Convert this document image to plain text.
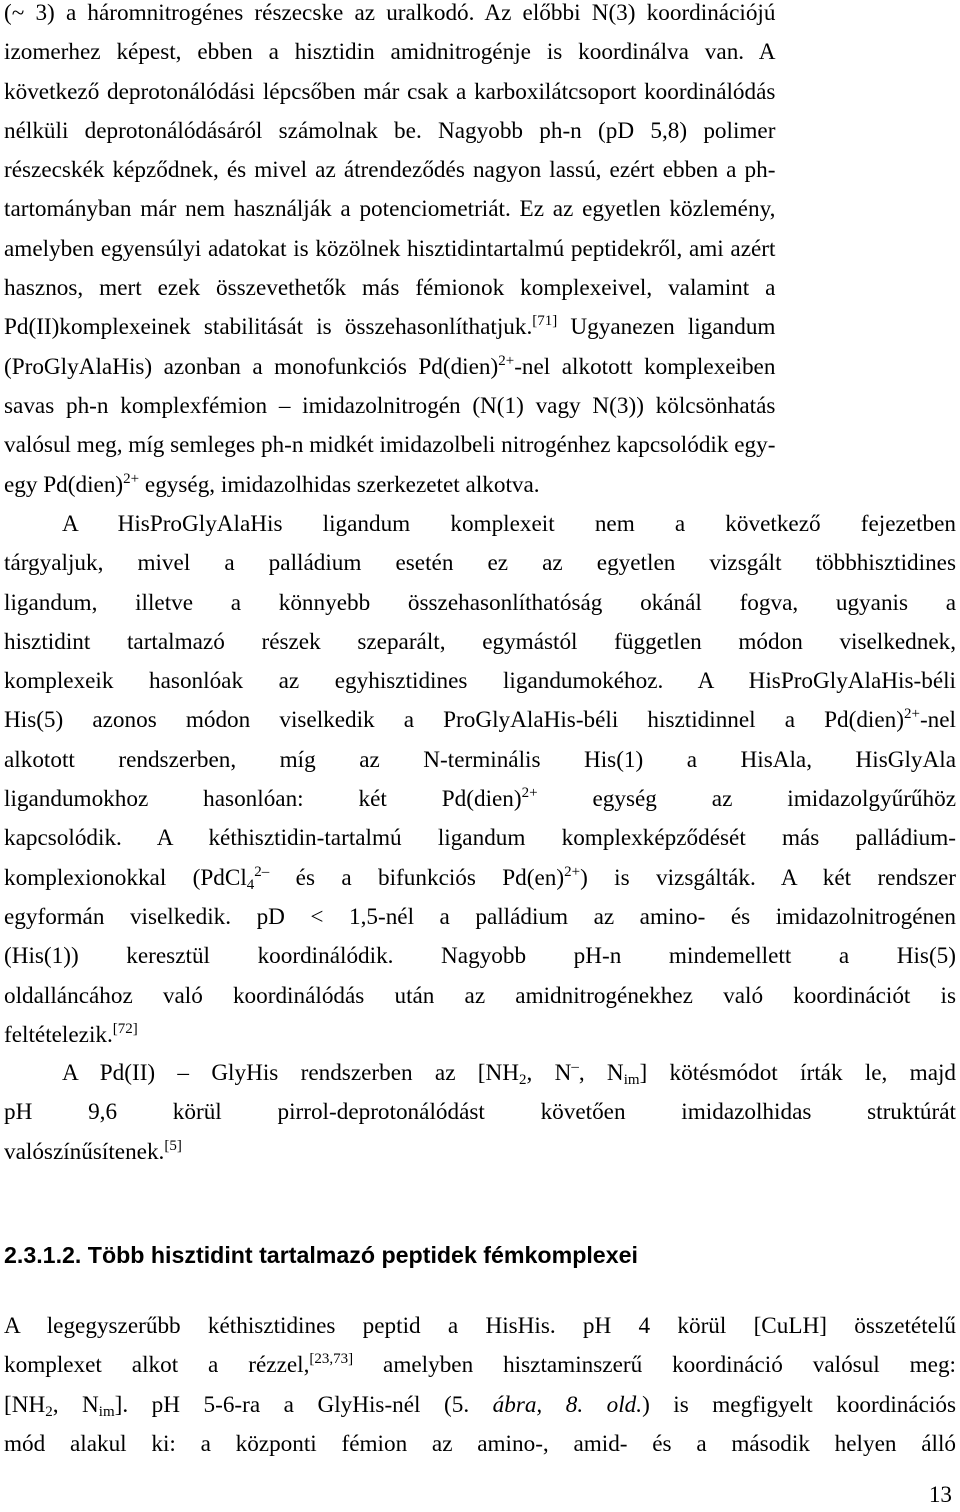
(~ 3) a háromnitrogénes részecske az uralkodó. Az előbbi N(3) koordinációjú
izomerhez képest, ebben a hisztidin amidnitrogénje is koordinálva van. A
következő deprotonálódási lépcsőben már csak a karboxilátcsoport koordinálódás
nélküli deprotonálódásáról számolnak be. Nagyobb ph-n (pD 5,8) polimer
részecskék képződnek, és mivel az átrendeződés nagyon lassú, ezért ebben a ph-
tartományban már nem használják a potenciometriát. Ez az egyetlen közlemény,
amelyben egyensúlyi adatokat is közölnek hisztidintartalmú peptidekről, ami azért
hasznos, mert ezek összevethetők más fémionok komplexeivel, valamint a
Pd(II)komplexeinek stabilitását is összehasonlíthatjuk.[71] Ugyanezen ligandum
(ProGlyAlaHis) azonban a monofunkciós Pd(dien)$^{2+}$-nel alkotott komplexeiben
savas ph-n komplexfémion – imidazolnitrogén (N(1) vagy N(3)) kölcsönhatás
valósul meg, míg semleges ph-n midkét imidazolbeli nitrogénhez kapcsolódik egy-
egy Pd(dien)$^{2+}$ egység, imidazolhidas szerkezetet alkotva.
A HisProGlyAlaHis ligandum komplexeit nem a következő fejezetben
tárgyaljuk, mivel a palládium esetén ez az egyetlen vizsgált többhisztidines
ligandum, illetve a könnyebb összehasonlíthatóság okánál fogva, ugyanis a
hisztidint tartalmazó részek szeparált, egymástól független módon viselkednek,
komplexeik hasonlóak az egyhisztidines ligandumokéhoz. A HisProGlyAlaHis-béli
His(5) azonos módon viselkedik a ProGlyAlaHis-béli hisztidinnel a Pd(dien)$^{2+}$-nel
alkotott rendszerben, míg az N-terminális His(1) a HisAla, HisGlyAla
ligandumokhoz hasonlóan: két Pd(dien)$^{2+}$ egység az imidazolgyűrűhöz
kapcsolódik. A kéthisztidin-tartalmú ligandum komplexképződését más palládium-
komplexionokkal (PdCl$_4^{2-}$ és a bifunkciós Pd(en)$^{2+}$) is vizsgálták. A két rendszer
egyformán viselkedik. pD < 1,5-nél a palládium az amino- és imidazolnitrogénen
(His(1)) keresztül koordinálódik. Nagyobb pH-n mindemellett a His(5)
oldalláncához való koordinálódás után az amidnitrogénekhez való koordinációt is
feltételezik.[72]
A Pd(II) – GlyHis rendszerben az [$NH_2$, N–, $N_{im}$] kötésmódot írták le, majd
pH 9,6 körül pirrol-deprotonálódást követően imidazolhidas struktúrát
valószínűsítenek.[5]
2.3.1.2. Több hisztidint tartalmazó peptidek fémkomplexei
A legegyszerűbb kéthisztidines peptid a HisHis. pH 4 körül [CuLH] összetételű
komplexet alkot a rézzel,[23,73] amelyben hisztaminszerű koordináció valósul meg:
[$NH_2$, $N_{im}$]. pH 5-6-ra a GlyHis-nél (5. ábra, 8. old.) is megfigyelt koordinációs
mód alakul ki: a központi fémion az amino-, amid- és a második helyen álló
13
